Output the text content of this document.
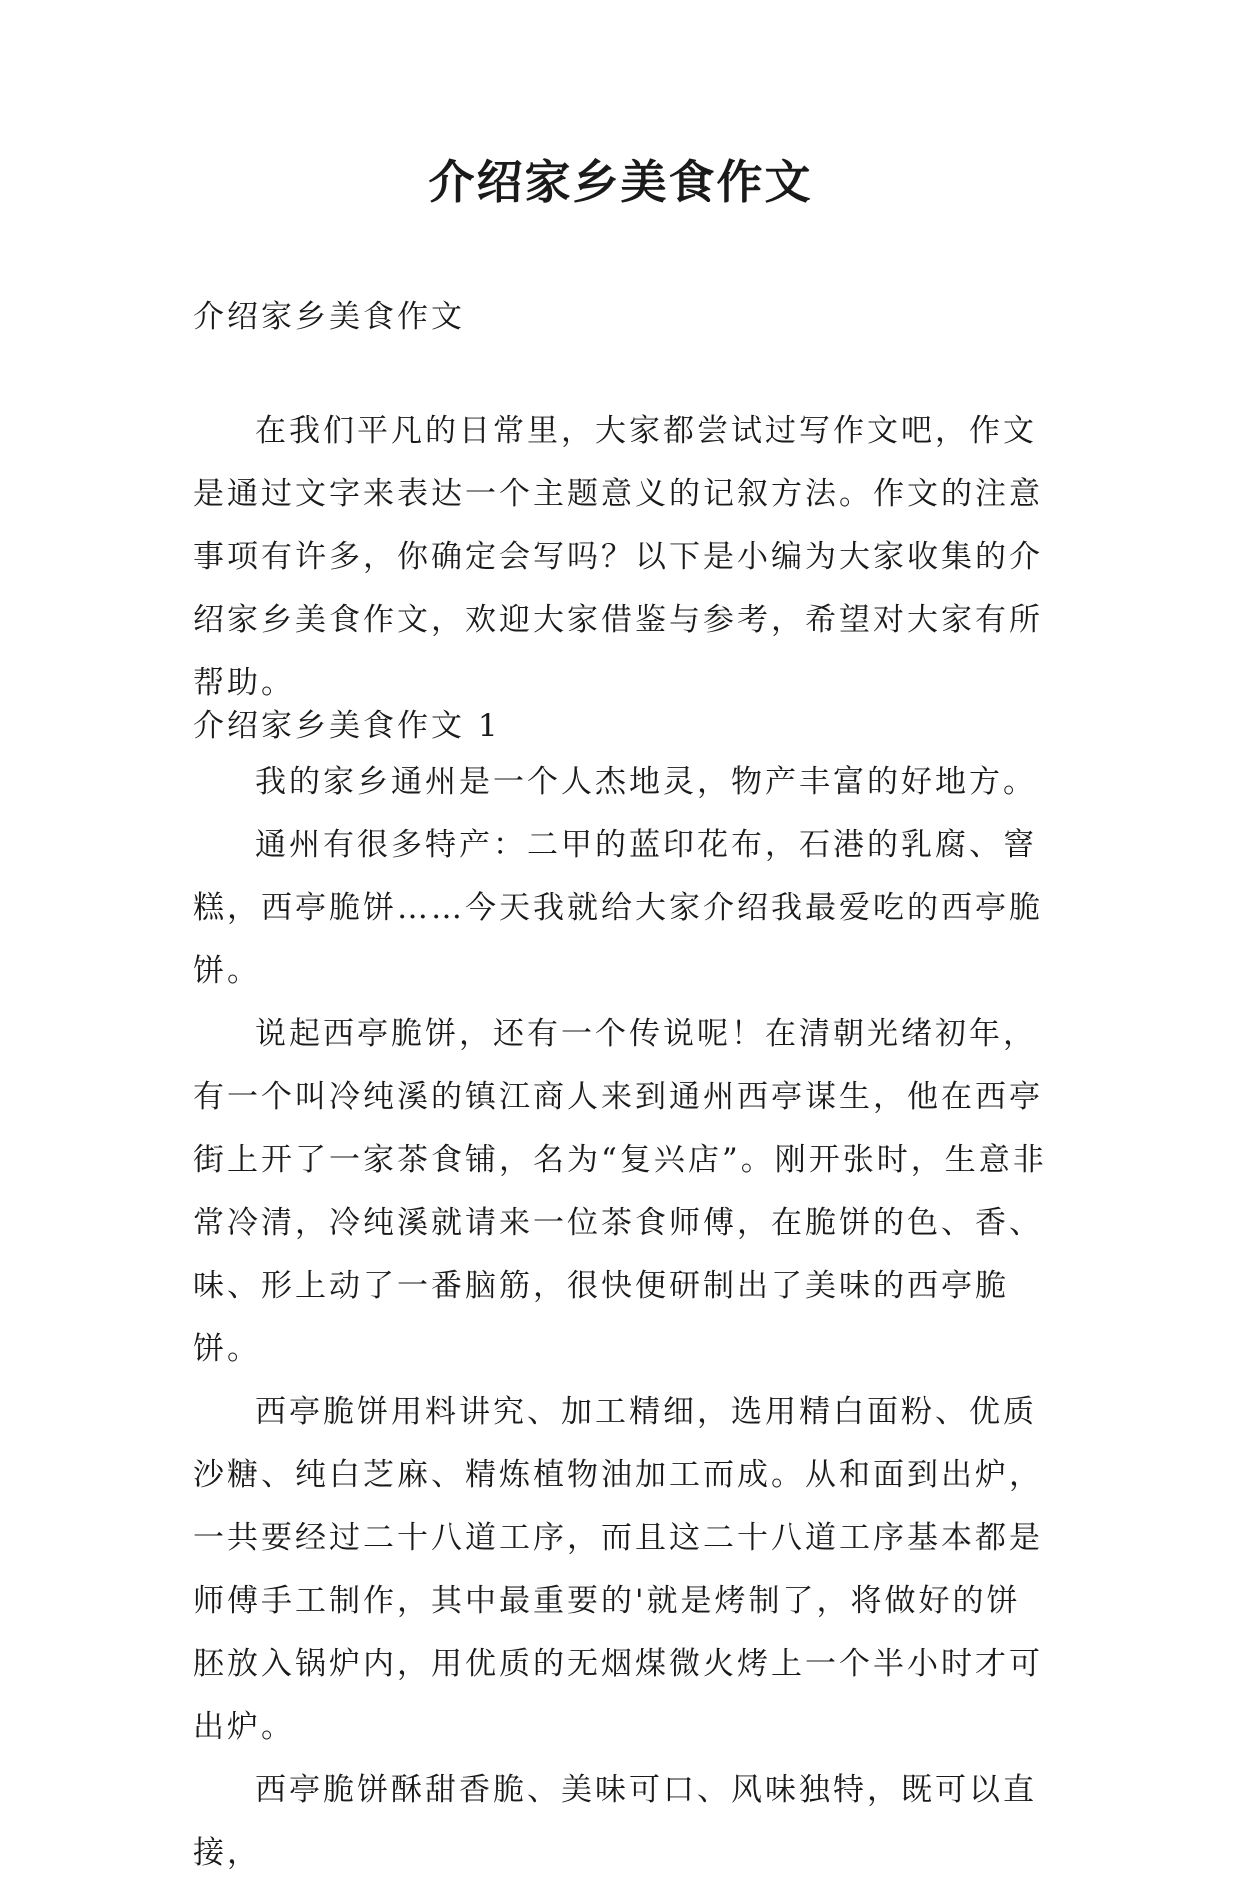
介绍家乡美食作文
介绍家乡美食作文

在我们平凡的日常里，大家都尝试过写作文吧，作文是通过文字来表达一个主题意义的记叙方法。作文的注意事项有许多，你确定会写吗？以下是小编为大家收集的介绍家乡美食作文，欢迎大家借鉴与参考，希望对大家有所帮助。

介绍家乡美食作文 1

我的家乡通州是一个人杰地灵，物产丰富的好地方。

通州有很多特产：二甲的蓝印花布，石港的乳腐、窨糕，西亭脆饼……今天我就给大家介绍我最爱吃的西亭脆饼。

说起西亭脆饼，还有一个传说呢！在清朝光绪初年，有一个叫冷纯溪的镇江商人来到通州西亭谋生，他在西亭街上开了一家茶食铺，名为“复兴店”。刚开张时，生意非常冷清，冷纯溪就请来一位茶食师傅，在脆饼的色、香、味、形上动了一番脑筋，很快便研制出了美味的西亭脆饼。

西亭脆饼用料讲究、加工精细，选用精白面粉、优质沙糖、纯白芝麻、精炼植物油加工而成。从和面到出炉，一共要经过二十八道工序，而且这二十八道工序基本都是师傅手工制作，其中最重要的'就是烤制了，将做好的饼胚放入锅炉内，用优质的无烟煤微火烤上一个半小时才可出炉。

西亭脆饼酥甜香脆、美味可口、风味独特，既可以直接，
